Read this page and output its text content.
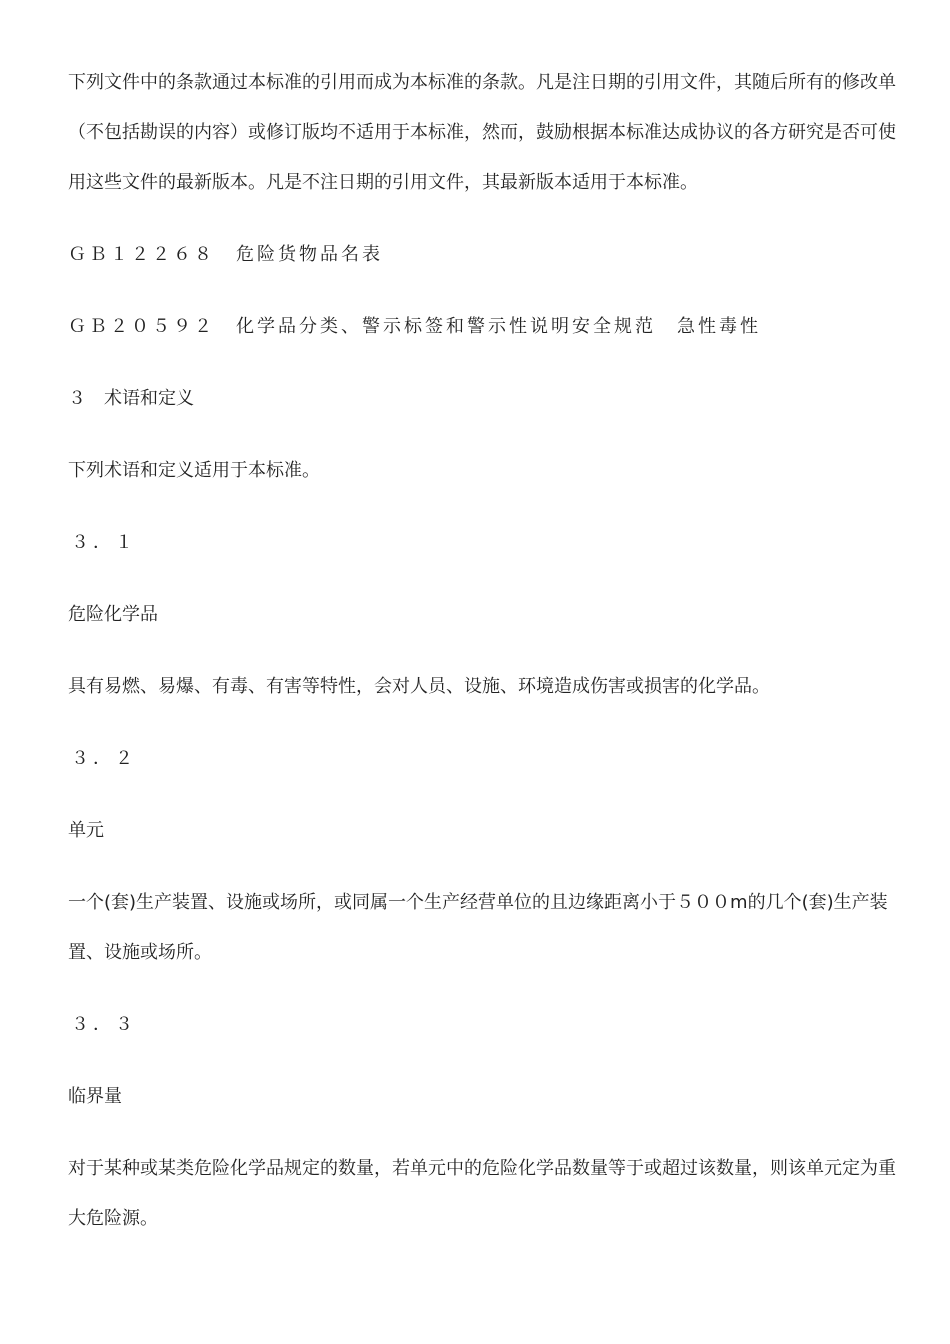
下列文件中的条款通过本标准的引用而成为本标准的条款。凡是注日期的引用文件，其随后所有的修改单（不包括勘误的内容）或修订版均不适用于本标准，然而，鼓励根据本标准达成协议的各方研究是否可使用这些文件的最新版本。凡是不注日期的引用文件，其最新版本适用于本标准。

ＧＢ１２２６８　危险货物品名表

ＧＢ２０５９２　化学品分类、警示标签和警示性说明安全规范　急性毒性

３　术语和定义

下列术语和定义适用于本标准。

３．１

危险化学品

具有易燃、易爆、有毒、有害等特性，会对人员、设施、环境造成伤害或损害的化学品。

３．２

单元

一个(套)生产装置、设施或场所，或同属一个生产经营单位的且边缘距离小于５００m的几个(套)生产装置、设施或场所。

３．３

临界量

对于某种或某类危险化学品规定的数量，若单元中的危险化学品数量等于或超过该数量，则该单元定为重大危险源。
